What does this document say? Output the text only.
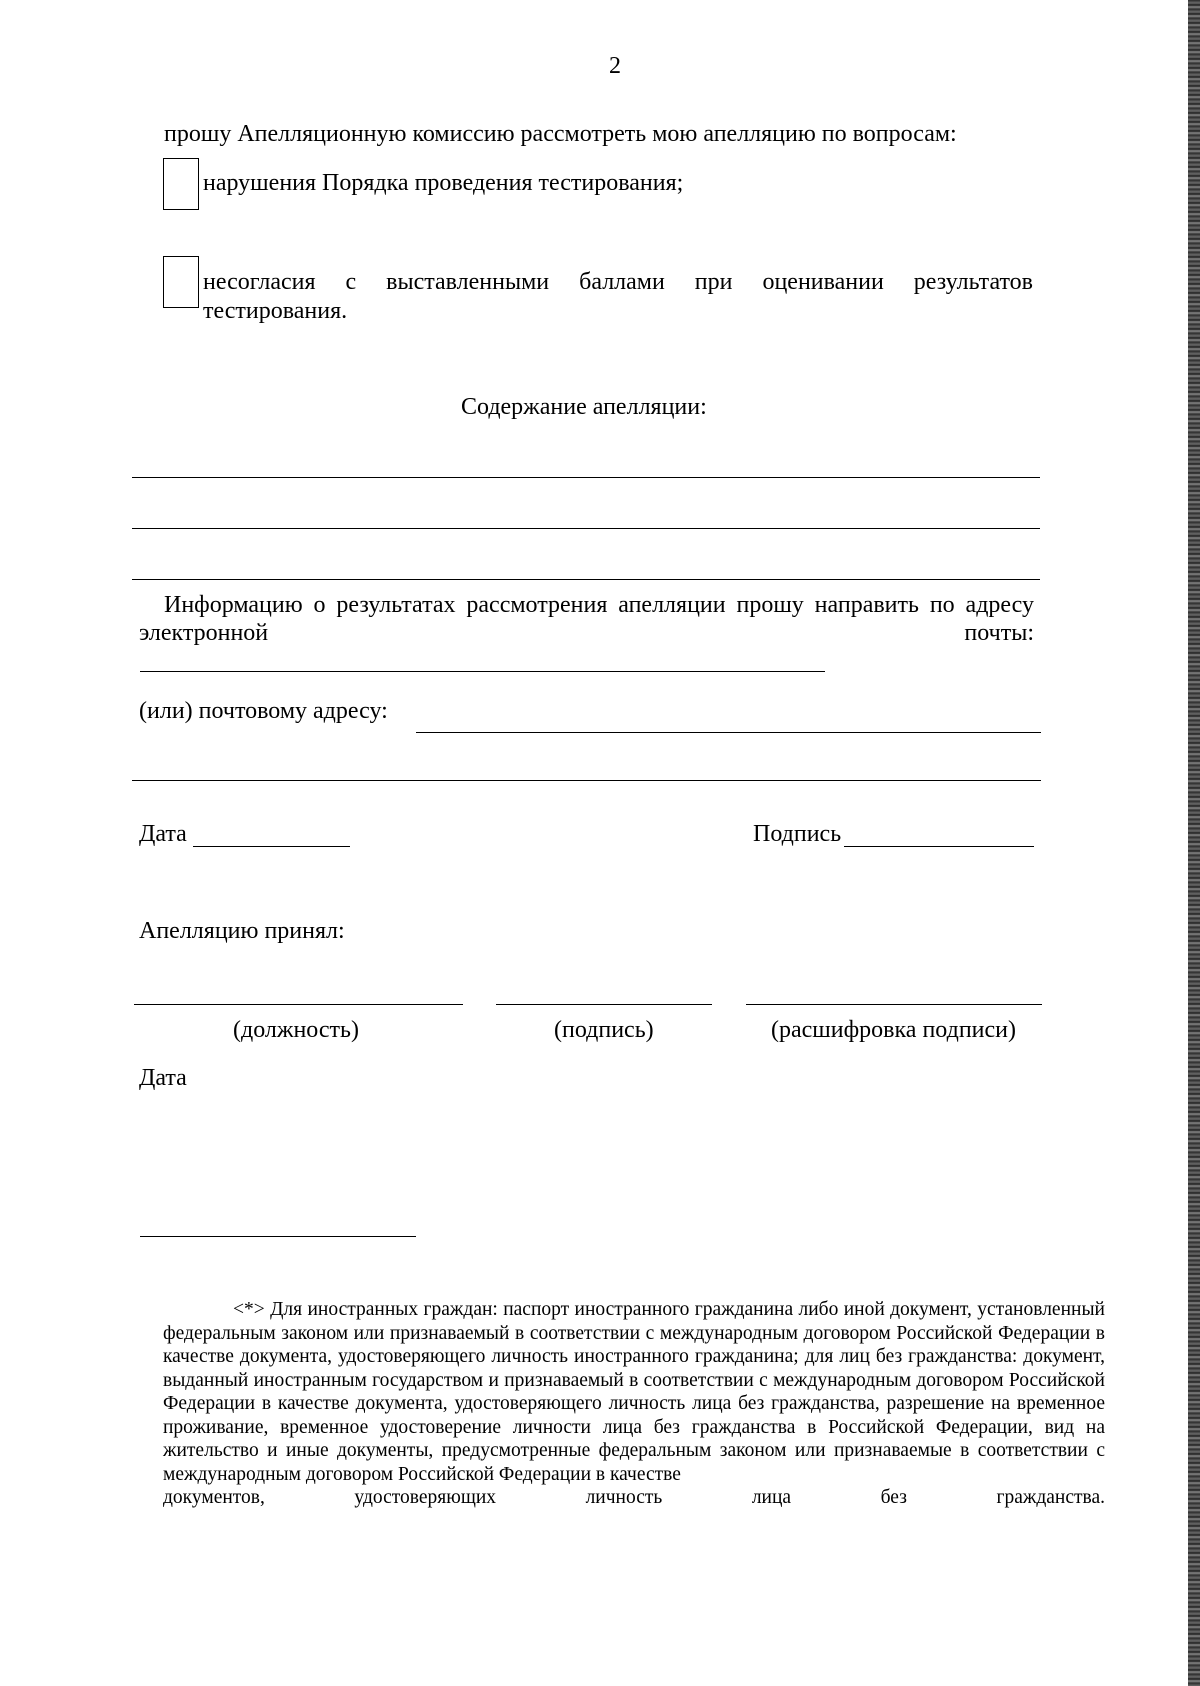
2
прошу Апелляционную комиссию рассмотреть мою апелляцию по вопросам:
нарушения Порядка проведения тестирования;
несогласия с выставленными баллами при оценивании результатов
тестирования.
Содержание апелляции:
Информацию о результатах рассмотрения апелляции прошу направить по адресу
электронной	почты:
(или) почтовому адресу:
Дата	Подпись
Апелляцию принял:
(должность)	(подпись)	(расшифровка подписи)
Дата

<*> Для иностранных граждан: паспорт иностранного гражданина либо иной документ, установленный федеральным законом или признаваемый в соответствии с международным договором Российской Федерации в качестве документа, удостоверяющего личность иностранного гражданина; для лиц без гражданства: документ, выданный иностранным государством и признаваемый в соответствии с международным договором Российской Федерации в качестве документа, удостоверяющего личность лица без гражданства, разрешение на временное проживание, временное удостоверение личности лица без гражданства в Российской Федерации, вид на жительство и иные документы, предусмотренные федеральным законом или признаваемые в соответствии с международным договором Российской Федерации в качестве

документов, удостоверяющих личность лица без гражданства.
